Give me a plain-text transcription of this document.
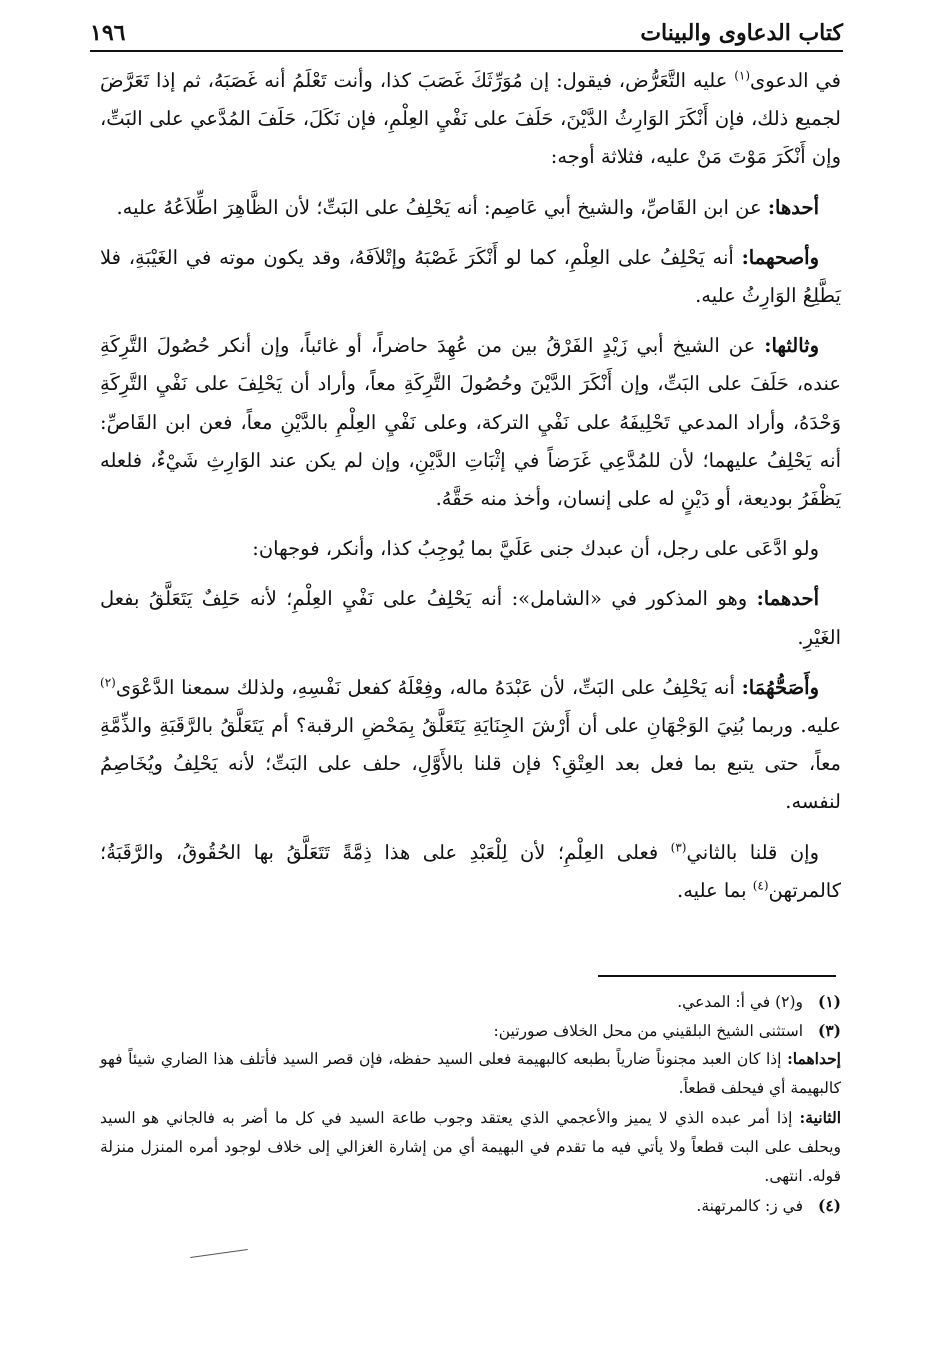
كتاب الدعاوى والبينات
١٩٦

في الدعوى$^{(١)}$ عليه التَّعَرُّض، فيقول: إن مُوَرِّثَكَ غَصَبَ كذا، وأنت تَعْلَمُ أنه غَصَبَهُ، ثم إذا تَعَرَّضَ لجميع ذلك، فإن أَنْكَرَ الوَارِثُ الدَّيْنَ، حَلَفَ على نَفْيِ العِلْمِ، فإن نَكَلَ، حَلَفَ المُدَّعي على البَتِّ، وإن أَنْكَرَ مَوْتَ مَنْ عليه، فثلاثة أوجه:

أحدها: عن ابن القَاصِّ، والشيخ أبي عَاصِم: أنه يَحْلِفُ على البَتِّ؛ لأن الظَّاهِرَ اطِّلاَعُهُ عليه.

وأصحهما: أنه يَحْلِفُ على العِلْمِ، كما لو أَنْكَرَ غَصْبَهُ وإتْلاَفَهُ، وقد يكون موته في الغَيْبَةِ، فلا يَطَّلِعُ الوَارِثُ عليه.

وثالثها: عن الشيخ أبي زَيْدٍ الفَرْقُ بين من عُهِدَ حاضراً، أو غائباً، وإن أنكر حُصُولَ التَّرِكَةِ عنده، حَلَفَ على البَتِّ، وإن أَنْكَرَ الدَّيْنَ وحُصُولَ التَّرِكَةِ معاً، وأراد أن يَحْلِفَ على نَفْيِ التَّرِكَةِ وَحْدَهُ، وأراد المدعي تَحْلِيفَهُ على نَفْيِ التركة، وعلى نَفْيِ العِلْمِ بالدَّيْنِ معاً، فعن ابن القَاصِّ: أنه يَحْلِفُ عليهما؛ لأن للمُدَّعِي غَرَضاً في إثْبَاتِ الدَّيْنِ، وإن لم يكن عند الوَارِثِ شَيْءٌ، فلعله يَظْفَرُ بوديعة، أو دَيْنٍ له على إنسان، وأخذ منه حَقَّهُ.

ولو ادَّعَى على رجل، أن عبدك جنى عَلَيَّ بما يُوجِبُ كذا، وأنكر، فوجهان:

أحدهما: وهو المذكور في «الشامل»: أنه يَحْلِفُ على نَفْيِ العِلْمِ؛ لأنه حَلِفٌ يَتَعَلَّقُ بفعل الغَيْرِ.

وأَصَحُّهُمَا: أنه يَحْلِفُ على البَتِّ، لأن عَبْدَهُ ماله، وفِعْلَهُ كفعل نَفْسِهِ، ولذلك سمعنا الدَّعْوَى$^{(٢)}$ عليه. وربما بُنِيَ الوَجْهَانِ على أن أَرْشَ الجِنَايَةِ يَتَعَلَّقُ بِمَحْضِ الرقبة؟ أم يَتَعَلَّقُ بالرَّقَبَةِ والذِّمَّةِ معاً، حتى يتبع بما فعل بعد العِتْقِ؟ فإن قلنا بالأَوَّلِ، حلف على البَتِّ؛ لأنه يَحْلِفُ ويُخَاصِمُ لنفسه.

وإن قلنا بالثاني$^{(٣)}$ فعلى العِلْمِ؛ لأن لِلْعَبْدِ على هذا ذِمَّةً تَتَعَلَّقُ بها الحُقُوقُ، والرَّقَبَةُ؛ كالمرتهن$^{(٤)}$ بما عليه.

(١)
و(٢) في أ: المدعي.
(٣)
استثنى الشيخ البلقيني من محل الخلاف صورتين:
إحداهما: إذا كان العبد مجنوناً ضارياً بطبعه كالبهيمة فعلى السيد حفظه، فإن قصر السيد فأتلف هذا الضاري شيئاً فهو كالبهيمة أي فيحلف قطعاً.
الثانية: إذا أمر عبده الذي لا يميز والأعجمي الذي يعتقد وجوب طاعة السيد في كل ما أضر به فالجاني هو السيد ويحلف على البت قطعاً ولا يأتي فيه ما تقدم في البهيمة أي من إشارة الغزالي إلى خلاف لوجود أمره المنزل منزلة قوله. انتهى.
(٤)
في ز: كالمرتهنة.
